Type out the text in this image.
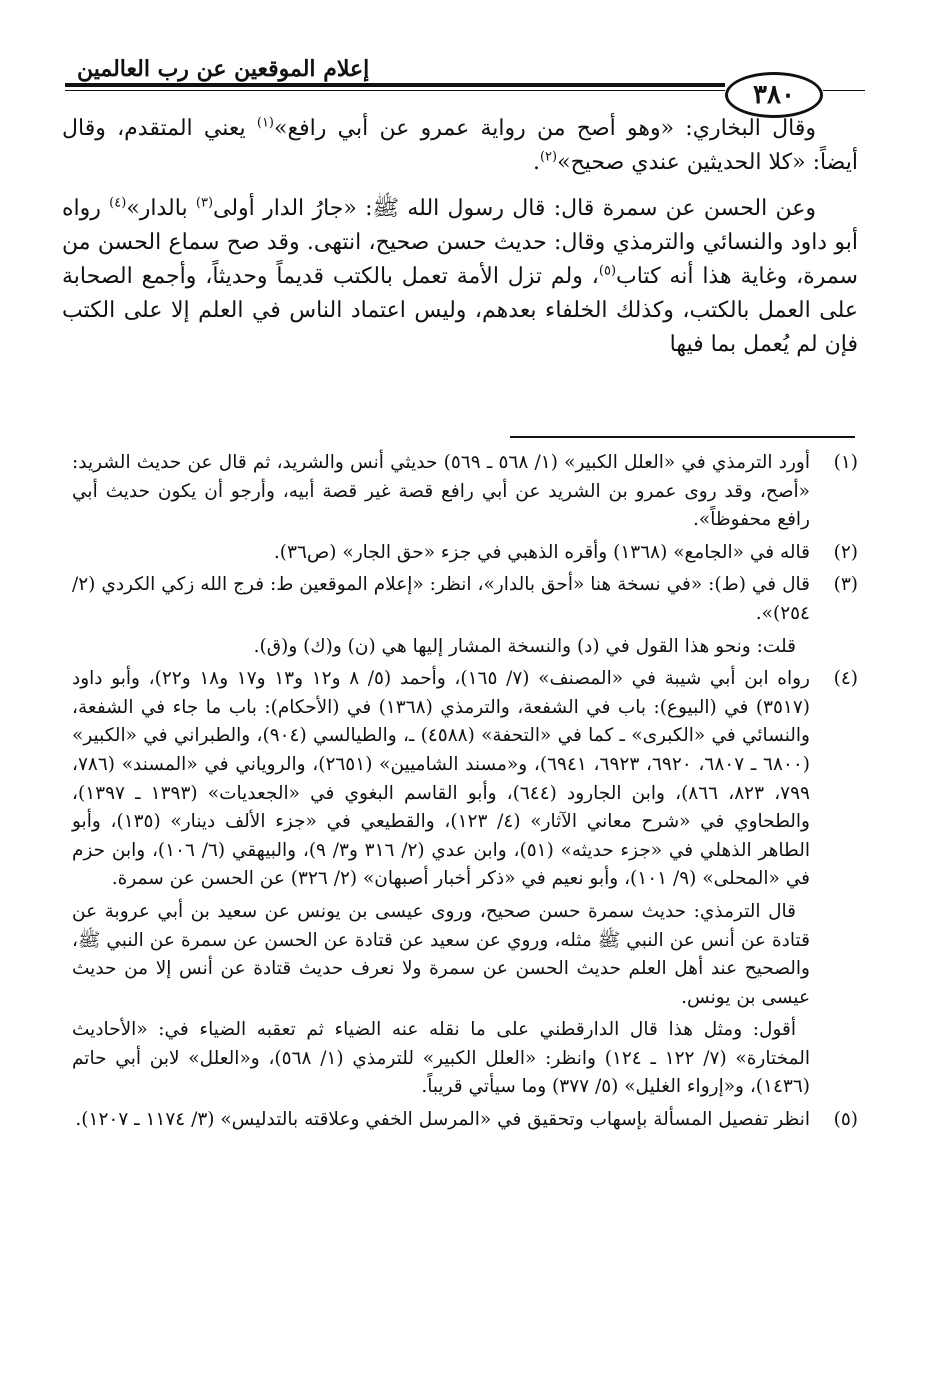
إعلام الموقعين عن رب العالمين
٣٨٠

وقال البخاري: «وهو أصح من رواية عمرو عن أبي رافع»$^{(١)}$ يعني المتقدم، وقال أيضاً: «كلا الحديثين عندي صحيح»$^{(٢)}$.

وعن الحسن عن سمرة قال: قال رسول الله ﷺ: «جارُ الدار أولى$^{(٣)}$ بالدار»$^{(٤)}$ رواه أبو داود والنسائي والترمذي وقال: حديث حسن صحيح، انتهى. وقد صح سماع الحسن من سمرة، وغاية هذا أنه كتاب$^{(٥)}$، ولم تزل الأمة تعمل بالكتب قديماً وحديثاً، وأجمع الصحابة على العمل بالكتب، وكذلك الخلفاء بعدهم، وليس اعتماد الناس في العلم إلا على الكتب فإن لم يُعمل بما فيها

(١)
أورد الترمذي في «العلل الكبير» (١/ ٥٦٨ ـ ٥٦٩) حديثي أنس والشريد، ثم قال عن حديث الشريد: «أصح، وقد روى عمرو بن الشريد عن أبي رافع قصة غير قصة أبيه، وأرجو أن يكون حديث أبي رافع محفوظاً».
(٢)
قاله في «الجامع» (١٣٦٨) وأقره الذهبي في جزء «حق الجار» (ص٣٦).
(٣)
قال في (ط): «في نسخة هنا «أحق بالدار»، انظر: «إعلام الموقعين ط: فرج الله زكي الكردي (٢/ ٢٥٤)».
قلت: ونحو هذا القول في (د) والنسخة المشار إليها هي (ن) و(ك) و(ق).
(٤)
رواه ابن أبي شيبة في «المصنف» (٧/ ١٦٥)، وأحمد (٥/ ٨ و١٢ و١٣ و١٧ و١٨ و٢٢)، وأبو داود (٣٥١٧) في (البيوع): باب في الشفعة، والترمذي (١٣٦٨) في (الأحكام): باب ما جاء في الشفعة، والنسائي في «الكبرى» ـ كما في «التحفة» (٤٥٨٨) ـ، والطيالسي (٩٠٤)، والطبراني في «الكبير» (٦٨٠٠ ـ ٦٨٠٧، ٦٩٢٠، ٦٩٢٣، ٦٩٤١)، و«مسند الشاميين» (٢٦٥١)، والروياني في «المسند» (٧٨٦، ٧٩٩، ٨٢٣، ٨٦٦)، وابن الجارود (٦٤٤)، وأبو القاسم البغوي في «الجعديات» (١٣٩٣ ـ ١٣٩٧)، والطحاوي في «شرح معاني الآثار» (٤/ ١٢٣)، والقطيعي في «جزء الألف دينار» (١٣٥)، وأبو الطاهر الذهلي في «جزء حديثه» (٥١)، وابن عدي (٢/ ٣١٦ و٣/ ٩)، والبيهقي (٦/ ١٠٦)، وابن حزم في «المحلى» (٩/ ١٠١)، وأبو نعيم في «ذكر أخبار أصبهان» (٢/ ٣٢٦) عن الحسن عن سمرة.
قال الترمذي: حديث سمرة حسن صحيح، وروى عيسى بن يونس عن سعيد بن أبي عروبة عن قتادة عن أنس عن النبي ﷺ مثله، وروي عن سعيد عن قتادة عن الحسن عن سمرة عن النبي ﷺ، والصحيح عند أهل العلم حديث الحسن عن سمرة ولا نعرف حديث قتادة عن أنس إلا من حديث عيسى بن يونس.
أقول: ومثل هذا قال الدارقطني على ما نقله عنه الضياء ثم تعقبه الضياء في: «الأحاديث المختارة» (٧/ ١٢٢ ـ ١٢٤) وانظر: «العلل الكبير» للترمذي (١/ ٥٦٨)، و«العلل» لابن أبي حاتم (١٤٣٦)، و«إرواء الغليل» (٥/ ٣٧٧) وما سيأتي قريباً.
(٥)
انظر تفصيل المسألة بإسهاب وتحقيق في «المرسل الخفي وعلاقته بالتدليس» (٣/ ١١٧٤ ـ ١٢٠٧).
